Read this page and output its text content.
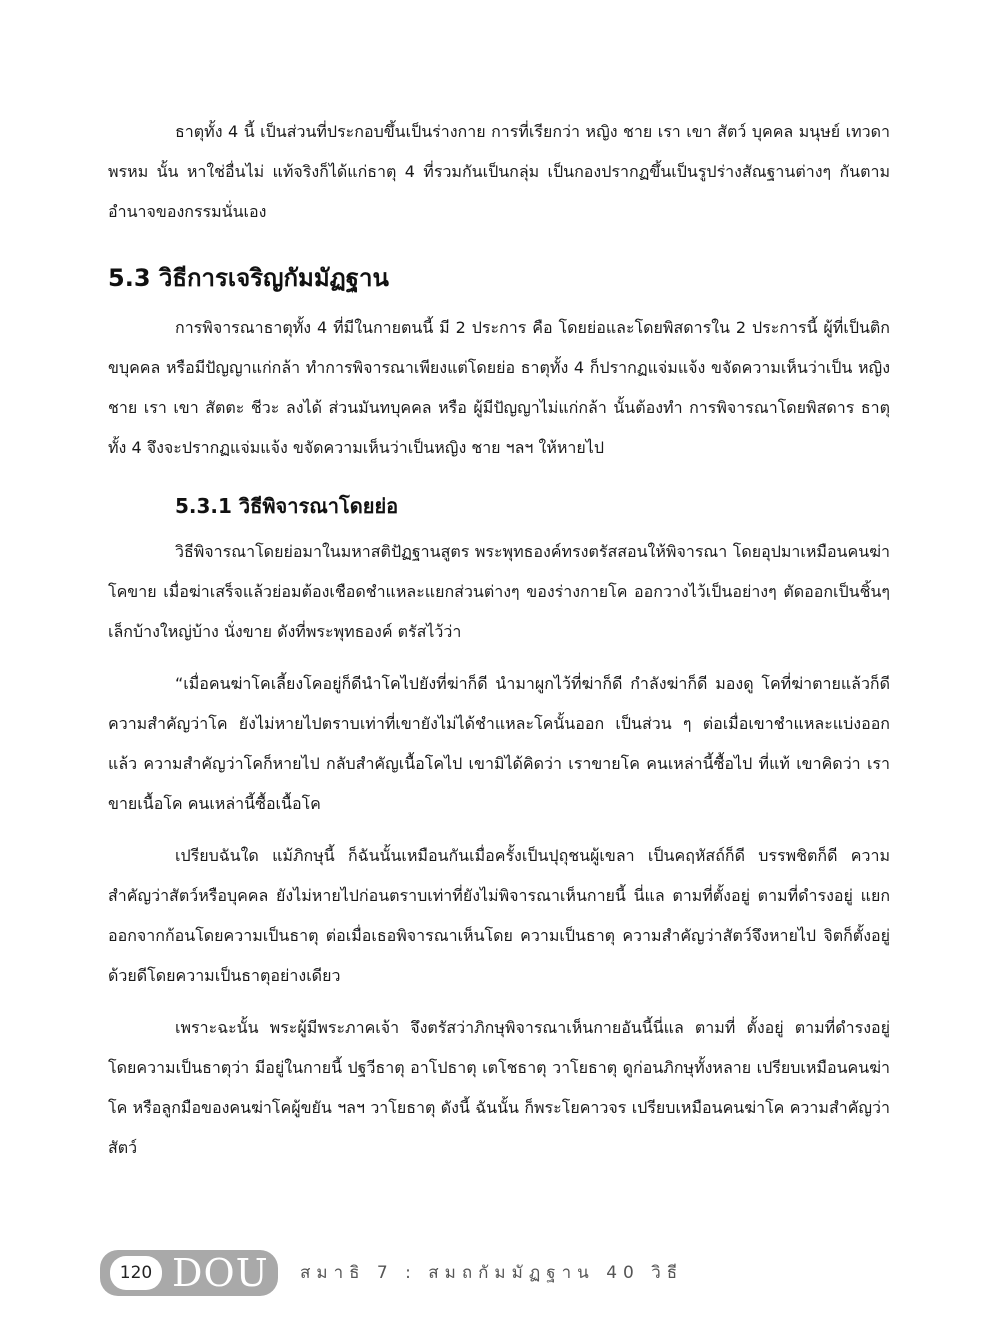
ธาตุทั้ง 4 นี้ เป็นส่วนที่ประกอบขึ้นเป็นร่างกาย การที่เรียกว่า หญิง ชาย เรา เขา สัตว์ บุคคล มนุษย์ เทวดา พรหม นั้น หาใช่อื่นไม่ แท้จริงก็ได้แก่ธาตุ 4 ที่รวมกันเป็นกลุ่ม เป็นกองปรากฏขึ้นเป็นรูปร่างสัณฐานต่างๆ กันตามอำนาจของกรรมนั่นเอง

5.3 วิธีการเจริญกัมมัฏฐาน

การพิจารณาธาตุทั้ง 4 ที่มีในกายตนนี้ มี 2 ประการ คือ โดยย่อและโดยพิสดารใน 2 ประการนี้ ผู้ที่เป็นติกขบุคคล หรือมีปัญญาแก่กล้า ทำการพิจารณาเพียงแต่โดยย่อ ธาตุทั้ง 4 ก็ปรากฏแจ่มแจ้ง ขจัดความเห็นว่าเป็น หญิง ชาย เรา เขา สัตตะ ชีวะ ลงได้ ส่วนมันทบุคคล หรือ ผู้มีปัญญาไม่แก่กล้า นั้นต้องทำ การพิจารณาโดยพิสดาร ธาตุทั้ง 4 จึงจะปรากฏแจ่มแจ้ง ขจัดความเห็นว่าเป็นหญิง ชาย ฯลฯ ให้หายไป

5.3.1 วิธีพิจารณาโดยย่อ

วิธีพิจารณาโดยย่อมาในมหาสติปัฏฐานสูตร พระพุทธองค์ทรงตรัสสอนให้พิจารณา โดยอุปมาเหมือนคนฆ่าโคขาย เมื่อฆ่าเสร็จแล้วย่อมต้องเชือดชำแหละแยกส่วนต่างๆ ของร่างกายโค ออกวางไว้เป็นอย่างๆ ตัดออกเป็นชิ้นๆ เล็กบ้างใหญ่บ้าง นั่งขาย ดังที่พระพุทธองค์ ตรัสไว้ว่า

“เมื่อคนฆ่าโคเลี้ยงโคอยู่ก็ดีนำโคไปยังที่ฆ่าก็ดี นำมาผูกไว้ที่ฆ่าก็ดี กำลังฆ่าก็ดี มองดู โคที่ฆ่าตายแล้วก็ดีความสำคัญว่าโค ยังไม่หายไปตราบเท่าที่เขายังไม่ได้ชำแหละโคนั้นออก เป็นส่วน ๆ ต่อเมื่อเขาชำแหละแบ่งออกแล้ว ความสำคัญว่าโคก็หายไป กลับสำคัญเนื้อโคไป เขามิได้คิดว่า เราขายโค คนเหล่านี้ซื้อไป ที่แท้ เขาคิดว่า เราขายเนื้อโค คนเหล่านี้ซื้อเนื้อโค

เปรียบฉันใด แม้ภิกษุนี้ ก็ฉันนั้นเหมือนกันเมื่อครั้งเป็นปุถุชนผู้เขลา เป็นคฤหัสถ์ก็ดี บรรพชิตก็ดี ความสำคัญว่าสัตว์หรือบุคคล ยังไม่หายไปก่อนตราบเท่าที่ยังไม่พิจารณาเห็นกายนี้ นี่แล ตามที่ตั้งอยู่ ตามที่ดำรงอยู่ แยกออกจากก้อนโดยความเป็นธาตุ ต่อเมื่อเธอพิจารณาเห็นโดย ความเป็นธาตุ ความสำคัญว่าสัตว์จึงหายไป จิตก็ตั้งอยู่ด้วยดีโดยความเป็นธาตุอย่างเดียว

เพราะฉะนั้น พระผู้มีพระภาคเจ้า จึงตรัสว่าภิกษุพิจารณาเห็นกายอันนี้นี่แล ตามที่ ตั้งอยู่ ตามที่ดำรงอยู่ โดยความเป็นธาตุว่า มีอยู่ในกายนี้ ปฐวีธาตุ อาโปธาตุ เตโชธาตุ วาโยธาตุ ดูก่อนภิกษุทั้งหลาย เปรียบเหมือนคนฆ่าโค หรือลูกมือของคนฆ่าโคผู้ขยัน ฯลฯ วาโยธาตุ ดังนี้ ฉันนั้น ก็พระโยคาวจร เปรียบเหมือนคนฆ่าโค ความสำคัญว่าสัตว์

120 DOU สมาธิ 7 : สมถกัมมัฏฐาน 40 วิธี
